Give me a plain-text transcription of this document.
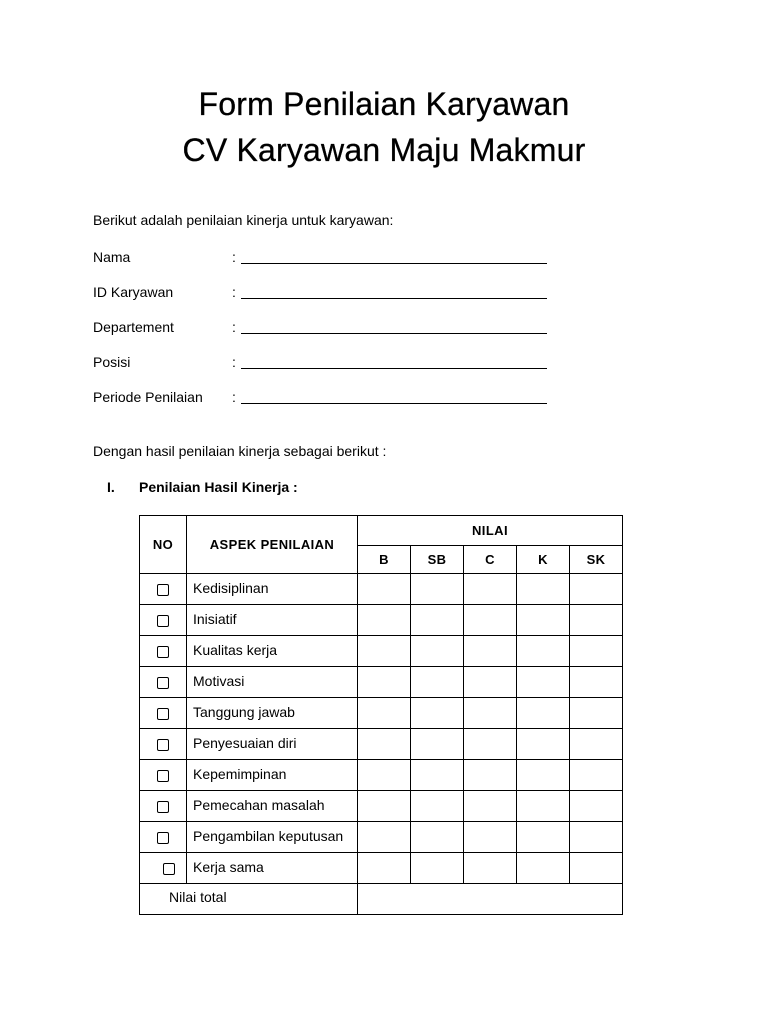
Form Penilaian Karyawan
CV Karyawan Maju Makmur
Berikut adalah penilaian kinerja untuk karyawan:
Nama	:
ID Karyawan	:
Departement	:
Posisi	:
Periode Penilaian :
Dengan hasil penilaian kinerja sebagai berikut :
I. Penilaian Hasil Kinerja :
NO	ASPEK PENILAIAN	NILAI				
		B	SB	C	K	SK
	Kedisiplinan					
	Inisiatif					
	Kualitas kerja					
	Motivasi					
	Tanggung jawab					
	Penyesuaian diri					
	Kepemimpinan					
	Pemecahan masalah					
	Pengambilan keputusan					
	Kerja sama					
Nilai total						
